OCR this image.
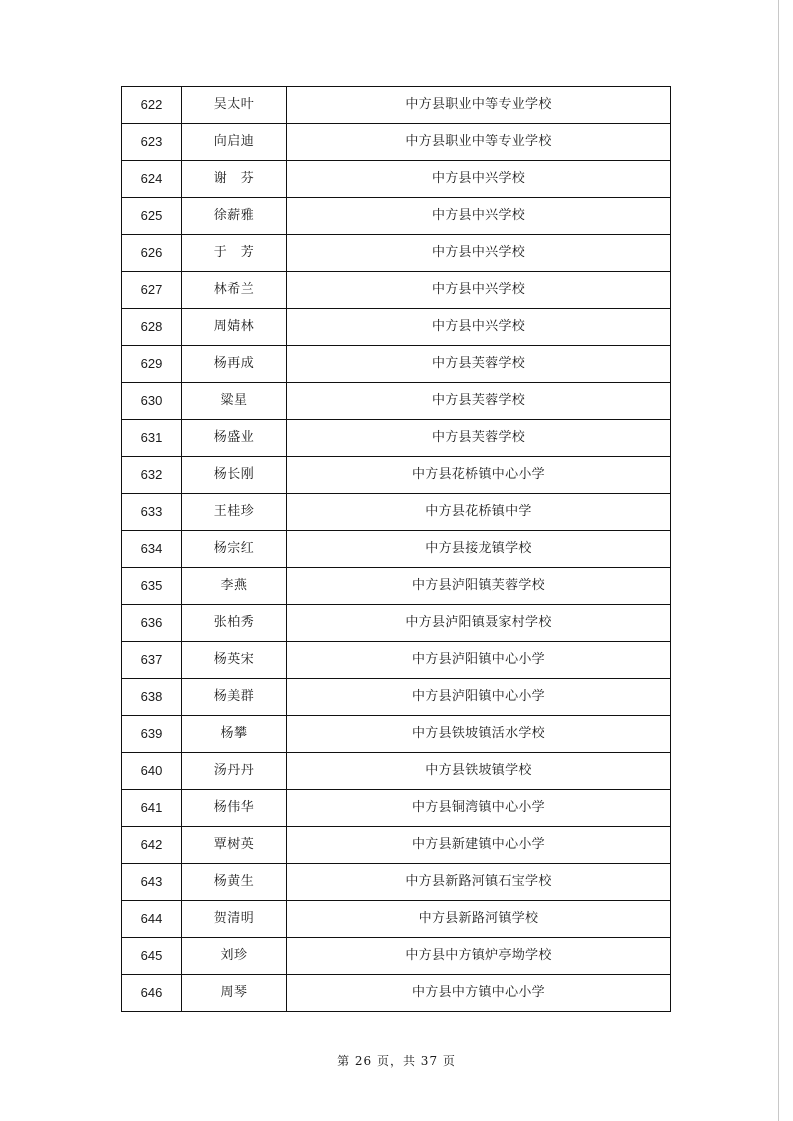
622	吴太叶	中方县职业中等专业学校
623	向启迪	中方县职业中等专业学校
624	谢　芬	中方县中兴学校
625	徐薪雅	中方县中兴学校
626	于　芳	中方县中兴学校
627	林希兰	中方县中兴学校
628	周婧林	中方县中兴学校
629	杨再成	中方县芙蓉学校
630	粱星	中方县芙蓉学校
631	杨盛业	中方县芙蓉学校
632	杨长刚	中方县花桥镇中心小学
633	王桂珍	中方县花桥镇中学
634	杨宗红	中方县接龙镇学校
635	李燕	中方县泸阳镇芙蓉学校
636	张柏秀	中方县泸阳镇聂家村学校
637	杨英宋	中方县泸阳镇中心小学
638	杨美群	中方县泸阳镇中心小学
639	杨攀	中方县铁坡镇活水学校
640	汤丹丹	中方县铁坡镇学校
641	杨伟华	中方县铜湾镇中心小学
642	覃树英	中方县新建镇中心小学
643	杨黄生	中方县新路河镇石宝学校
644	贺清明	中方县新路河镇学校
645	刘珍	中方县中方镇炉亭坳学校
646	周琴	中方县中方镇中心小学
第 26 页，共 37 页
